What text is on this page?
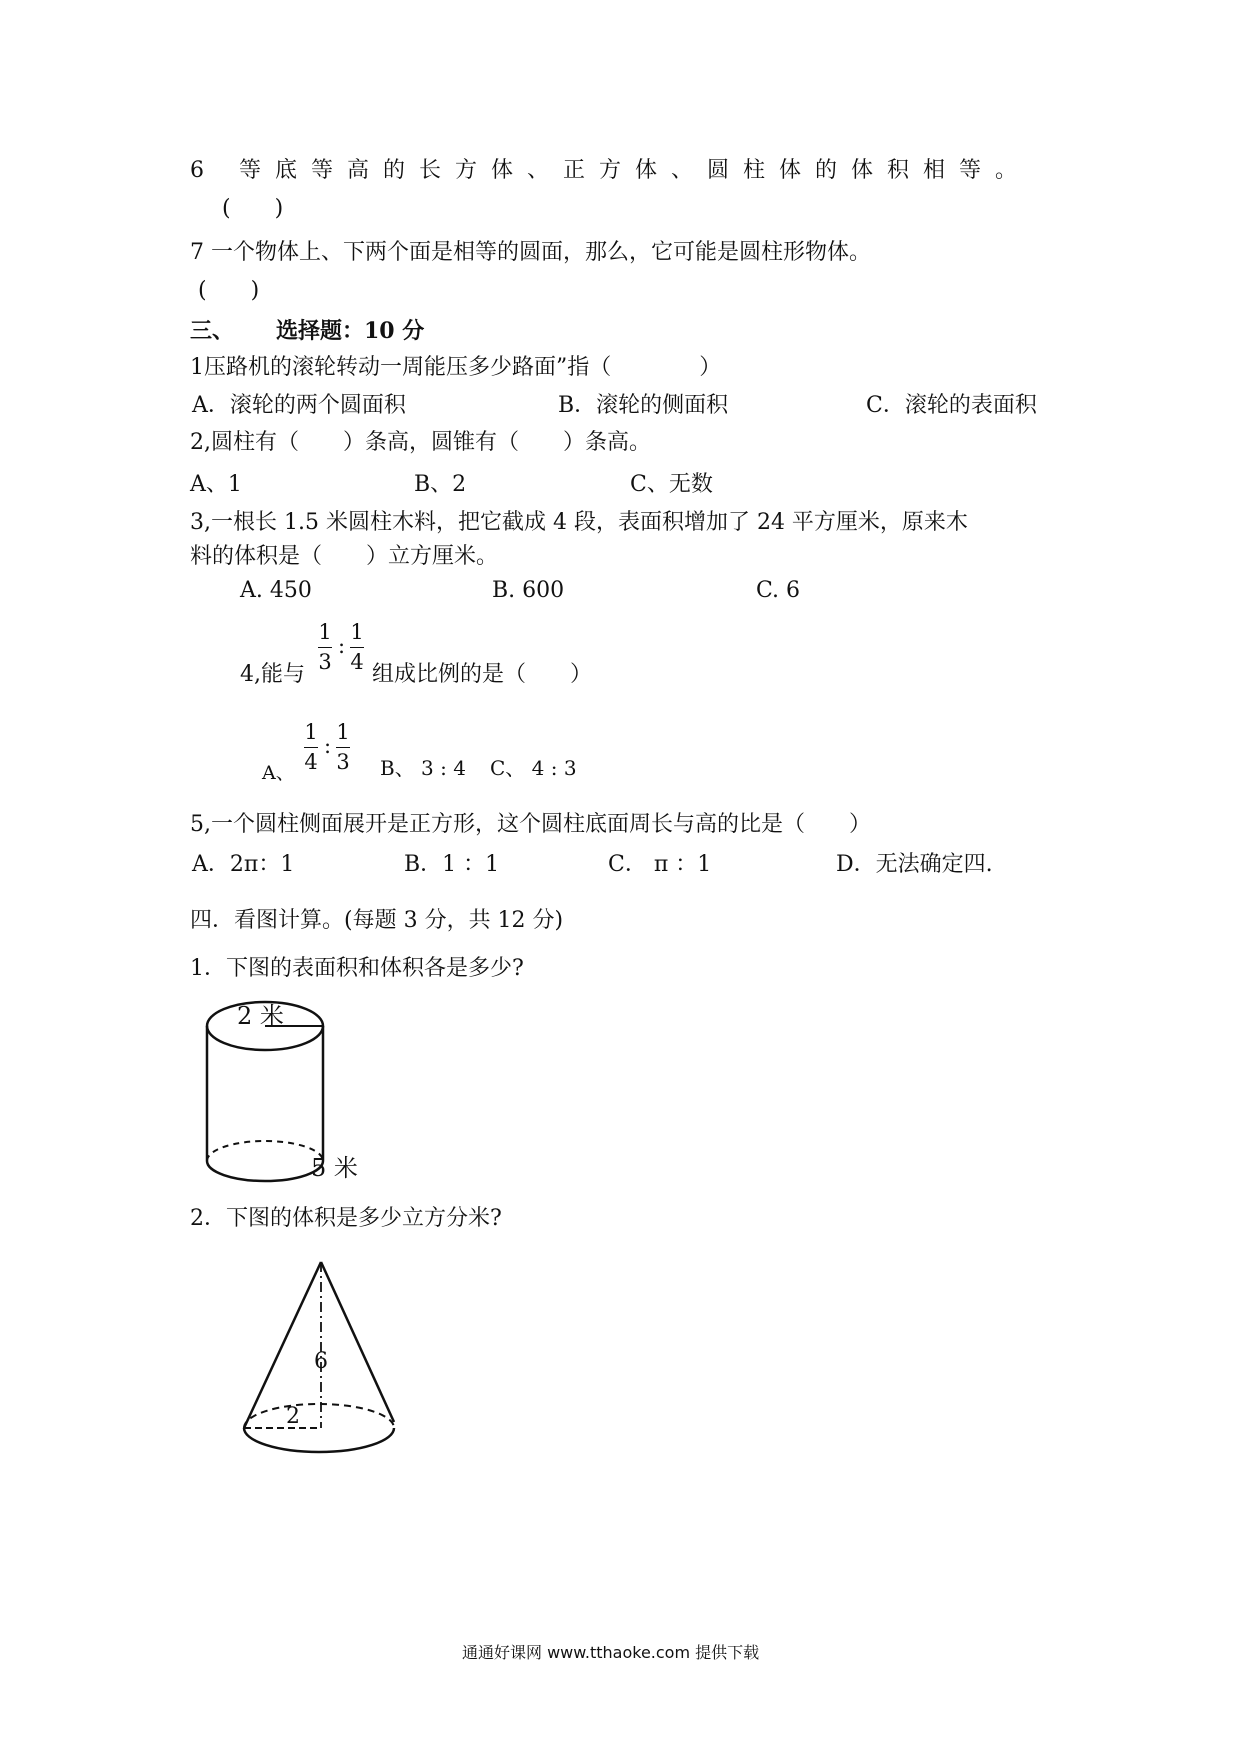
6 等底等高的长方体、正方体、圆柱体的体积相等。
(　　)
7 一个物体上、下两个面是相等的圆面，那么，它可能是圆柱形物体。
(　　)
三、 选择题：10 分
1压路机的滚轮转动一周能压多少路面”指（　　　　）
A．滚轮的两个圆面积	B．滚轮的侧面积	C．滚轮的表面积
2,圆柱有（　　）条高，圆锥有（　　）条高。
A、1	B、2	C、无数
3,一根长 1.5 米圆柱木料，把它截成 4 段，表面积增加了 24 平方厘米，原来木
料的体积是（　　）立方厘米。
A. 450	B. 600	C. 6
4,能与
1
3
:
1
4 组成比例的是（　　）
A、
1
4
:
1
3 B、 3 : 4 C、 4 : 3
5,一个圆柱侧面展开是正方形，这个圆柱底面周长与高的比是（　　）
A．2π：1	B．1 ：1	C． π ：1	D．无法确定四.
四．看图计算。(每题 3 分，共 12 分)
1．下图的表面积和体积各是多少?
2 米
5 米
2．下图的体积是多少立方分米?
6
2
通通好课网 www.tthaoke.com 提供下载
